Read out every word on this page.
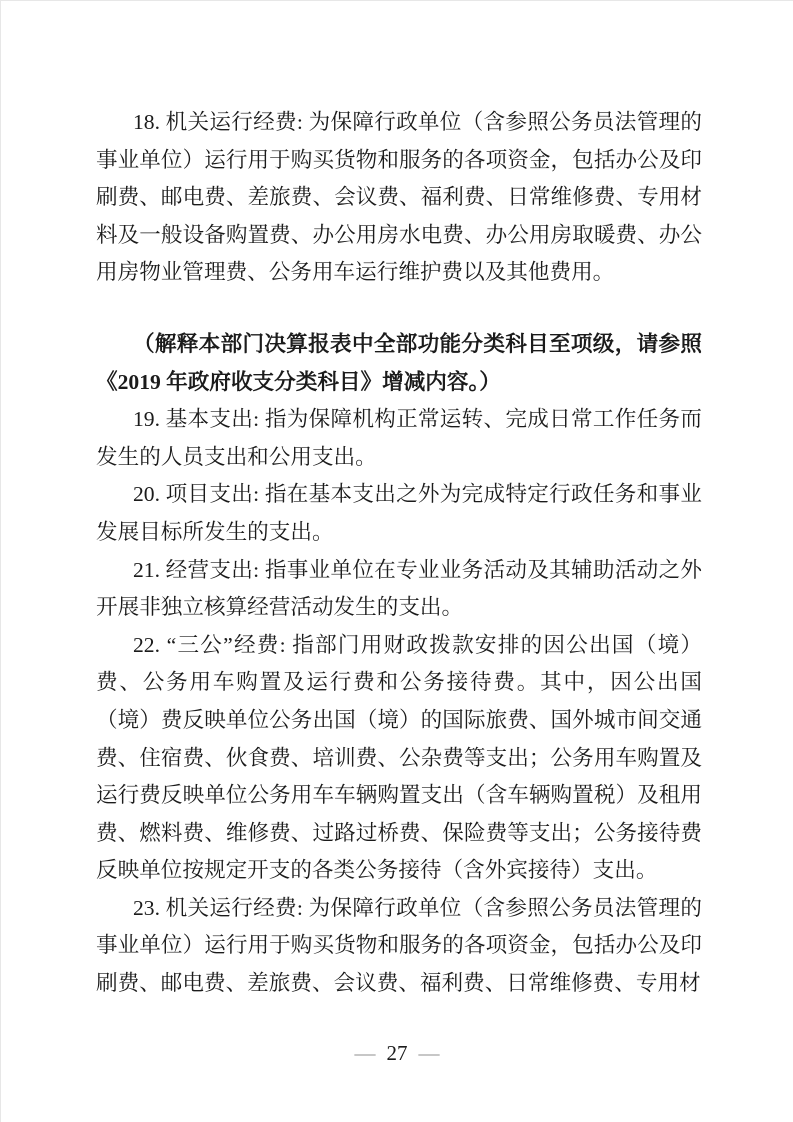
18. 机关运行经费: 为保障行政单位（含参照公务员法管理的事业单位）运行用于购买货物和服务的各项资金，包括办公及印刷费、邮电费、差旅费、会议费、福利费、日常维修费、专用材料及一般设备购置费、办公用房水电费、办公用房取暖费、办公用房物业管理费、公务用车运行维护费以及其他费用。

（解释本部门决算报表中全部功能分类科目至项级，请参照《2019 年政府收支分类科目》增减内容。）

19. 基本支出: 指为保障机构正常运转、完成日常工作任务而发生的人员支出和公用支出。

20. 项目支出: 指在基本支出之外为完成特定行政任务和事业发展目标所发生的支出。

21. 经营支出: 指事业单位在专业业务活动及其辅助活动之外开展非独立核算经营活动发生的支出。

22. “三公”经费: 指部门用财政拨款安排的因公出国（境）费、公务用车购置及运行费和公务接待费。其中，因公出国（境）费反映单位公务出国（境）的国际旅费、国外城市间交通费、住宿费、伙食费、培训费、公杂费等支出；公务用车购置及运行费反映单位公务用车车辆购置支出（含车辆购置税）及租用费、燃料费、维修费、过路过桥费、保险费等支出；公务接待费反映单位按规定开支的各类公务接待（含外宾接待）支出。

23. 机关运行经费: 为保障行政单位（含参照公务员法管理的事业单位）运行用于购买货物和服务的各项资金，包括办公及印刷费、邮电费、差旅费、会议费、福利费、日常维修费、专用材

— 27 —
